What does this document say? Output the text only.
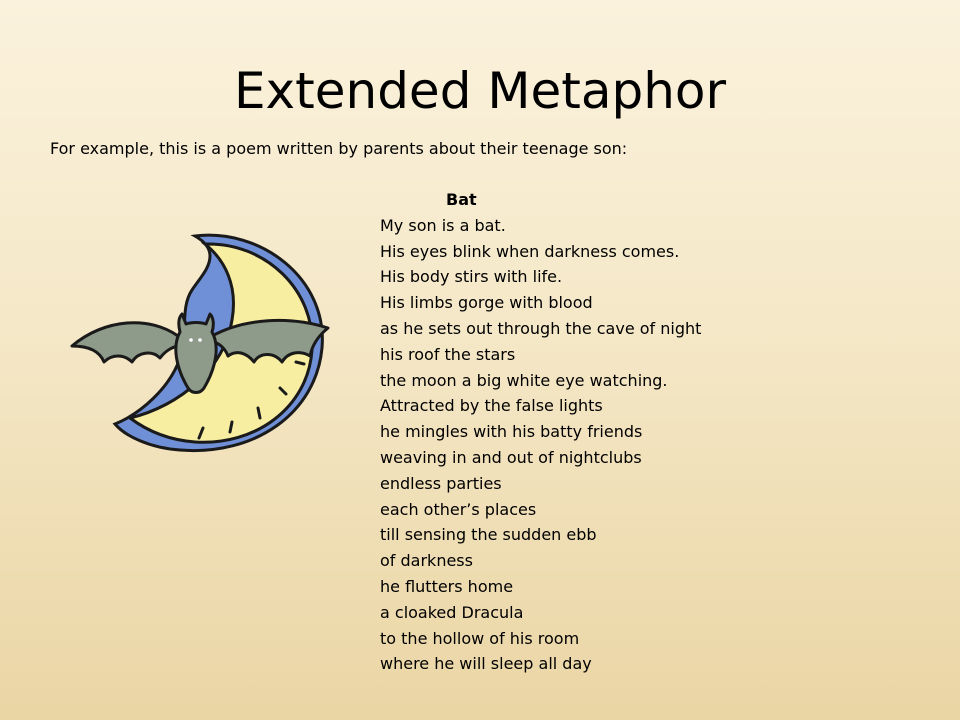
Extended Metaphor
For example, this is a poem written by parents about their teenage son:
Bat
My son is a bat.
His eyes blink when darkness comes.
His body stirs with life.
His limbs gorge with blood
as he sets out through the cave of night
his roof the stars
the moon a big white eye watching.
Attracted by the false lights
he mingles with his batty friends
weaving in and out of nightclubs
endless parties
each other’s places
till sensing the sudden ebb
of darkness
he flutters home
a cloaked Dracula
to the hollow of his room
where he will sleep all day
